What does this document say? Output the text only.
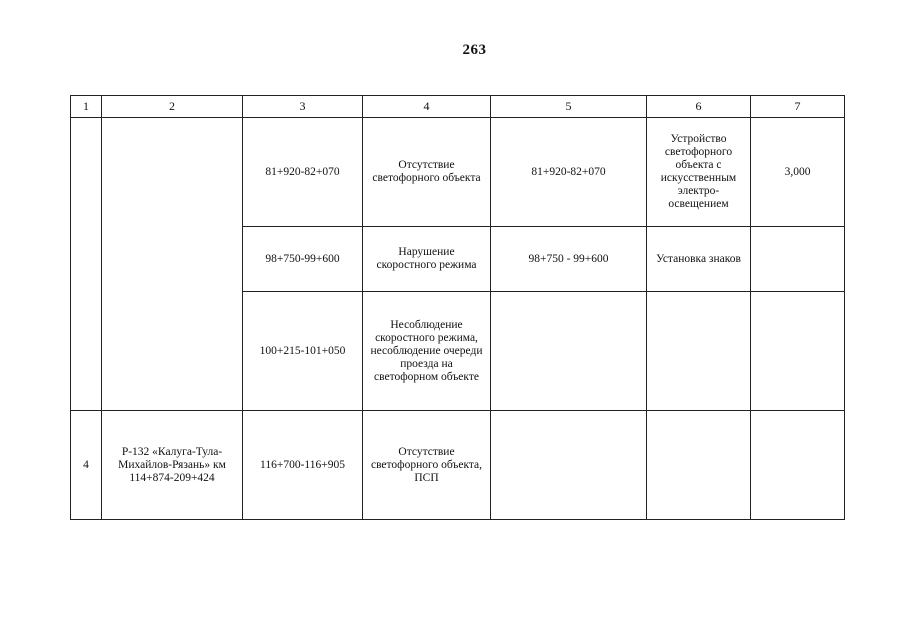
263
1	2	3	4	5	6	7
		81+920-82+070	Отсутствие светофорного объекта	81+920-82+070	Устройство светофорного объекта с искусственным электро-освещением	3,000
		98+750-99+600	Нарушение скоростного режима	98+750 - 99+600	Установка знаков	
		100+215-101+050	Несоблюдение скоростного режима, несоблюдение очереди проезда на светофорном объекте			
4	Р-132 «Калуга-Тула-Михайлов-Рязань» км 114+874-209+424	116+700-116+905	Отсутствие светофорного объекта, ПСП			
